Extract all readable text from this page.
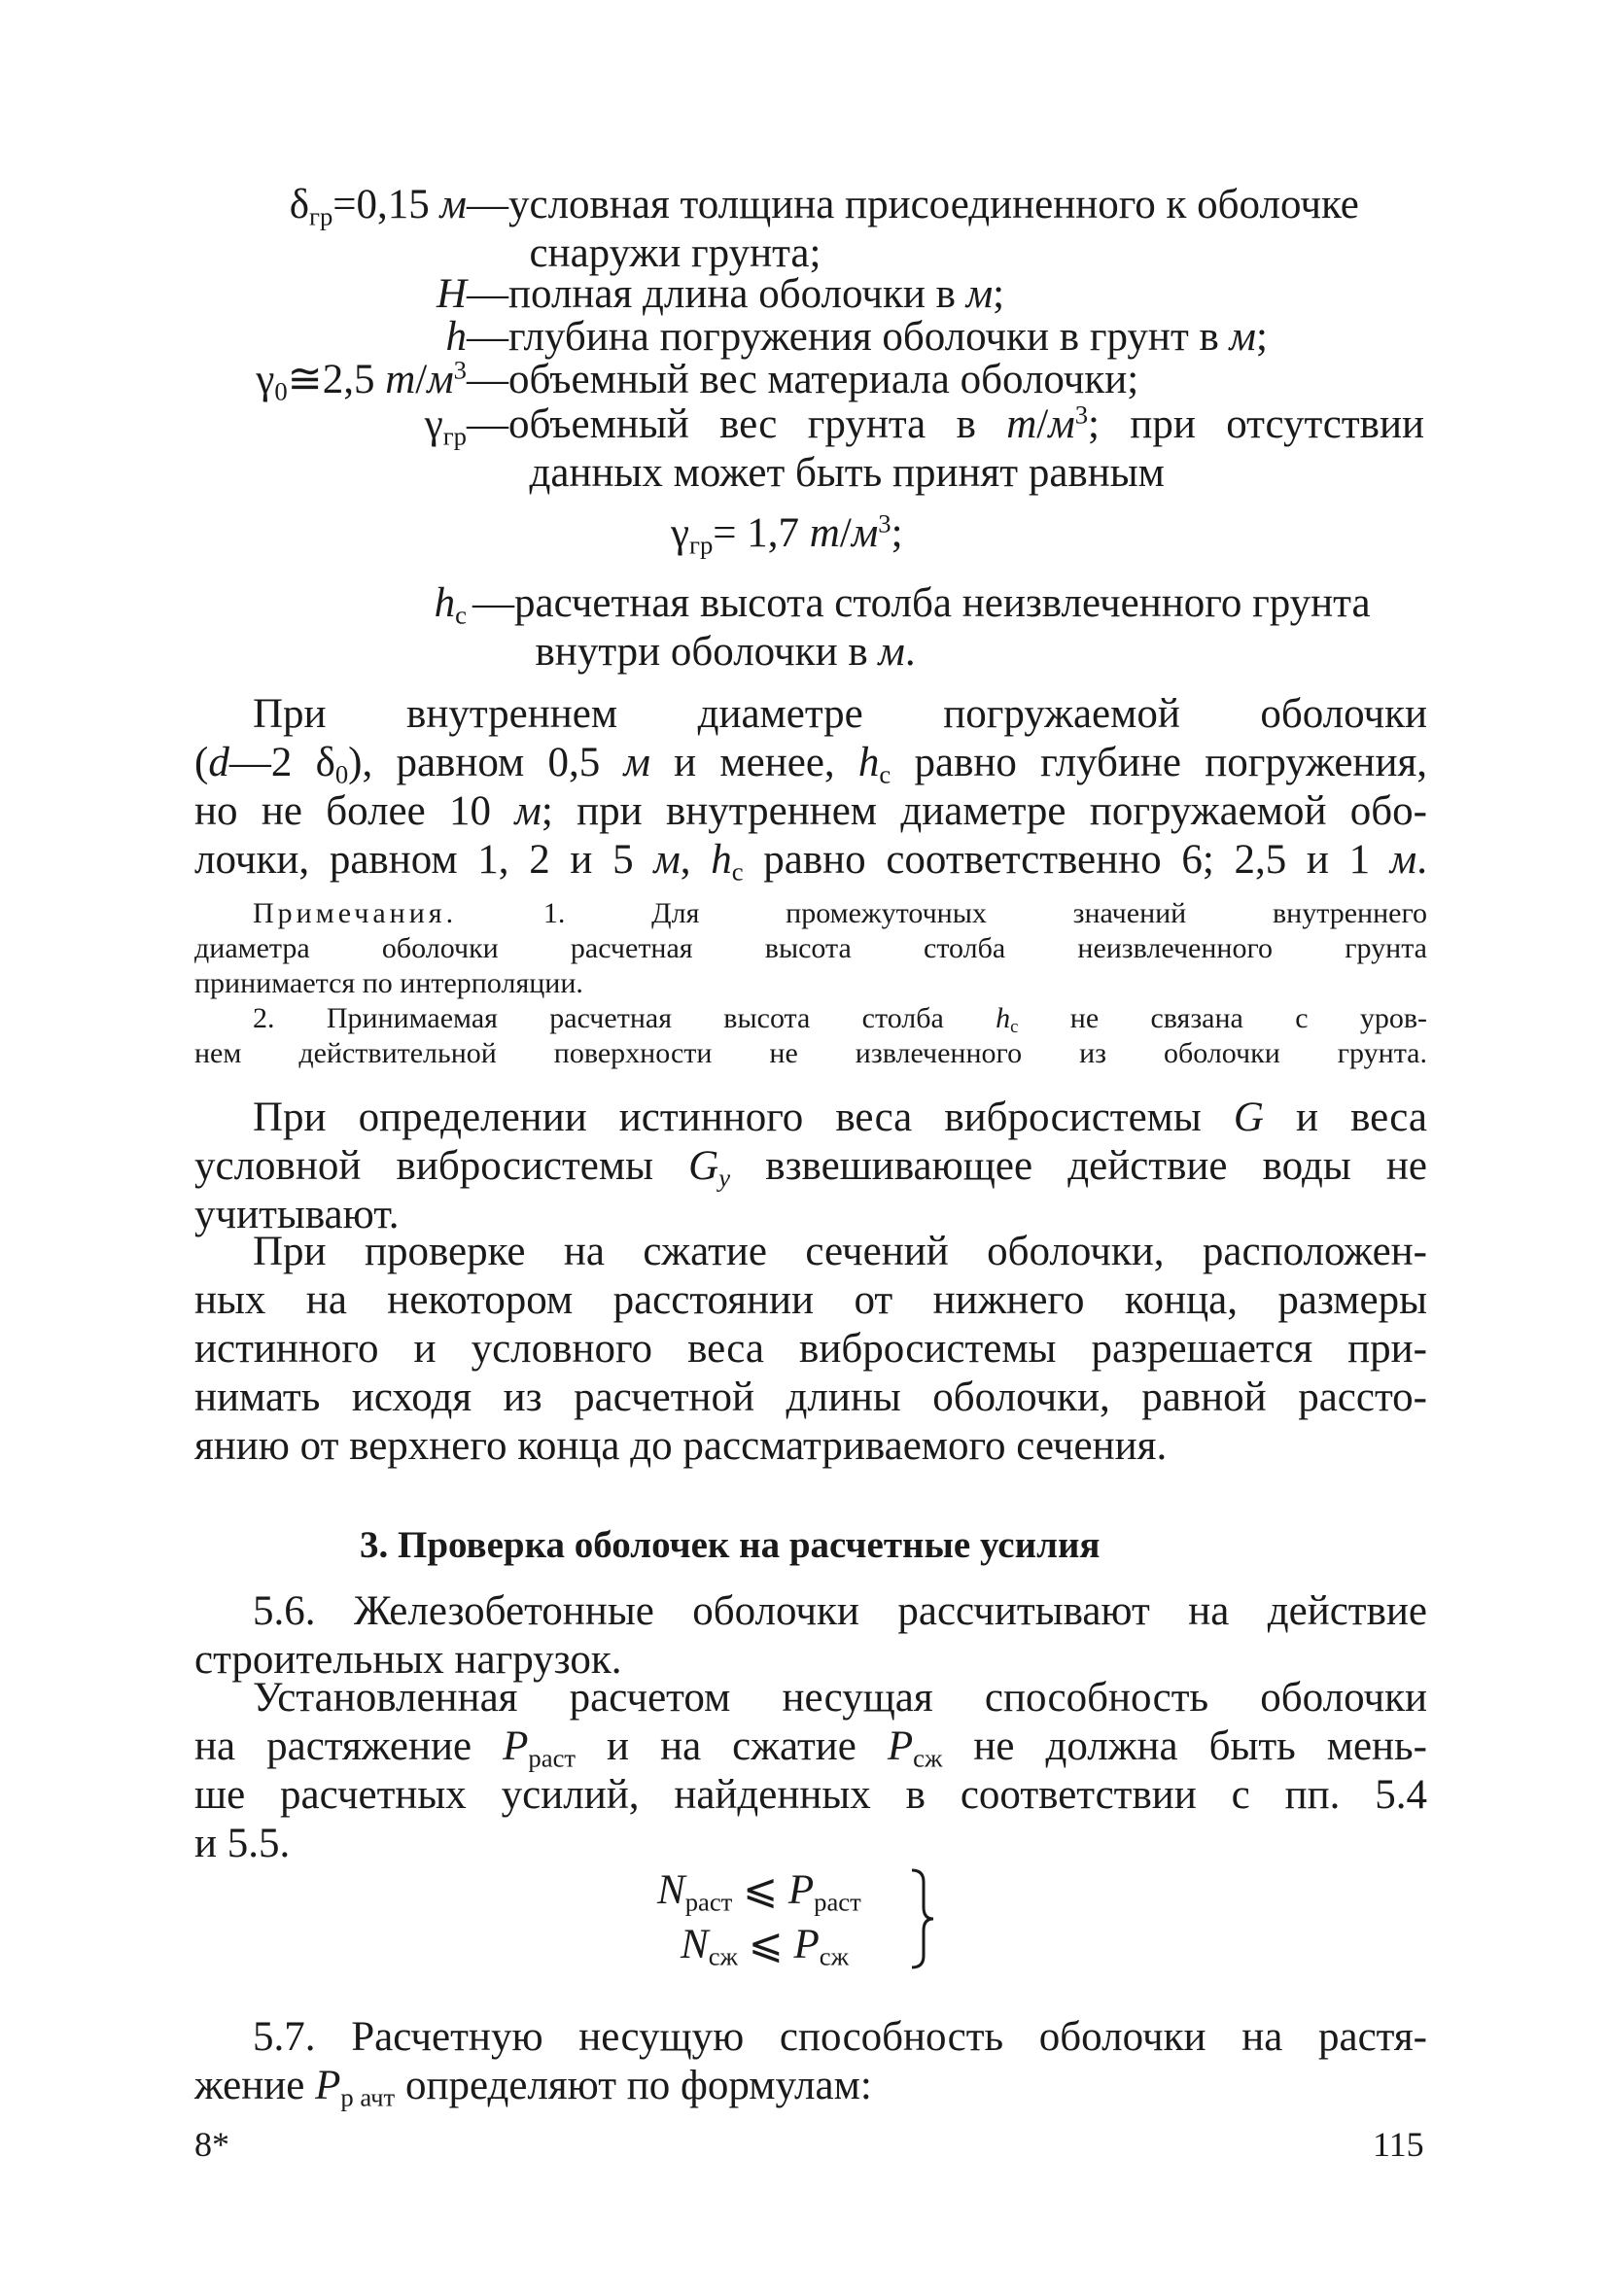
$\delta_{гр}=0,15$ м —условная толщина присоединенного к оболочке
снаружи грунта;
H —полная длина оболочки в м;
h —глубина погружения оболочки в грунт в м;
$\gamma_0≅2,5$ $т/м^3$ —объемный вес материала оболочки;
$\gamma_{гр}$ —объемный вес грунта в $т/м^3$; при отсутствии
данных может быть принят равным
$\gamma_{гр}= 1,7$ $т/м^3$;
$h_c$ —расчетная высота столба неизвлеченного грунта
внутри оболочки в м.
При внутреннем диаметре погружаемой оболочки
(d—2 $\delta_0$), равном 0,5 м и менее, $h_c$ равно глубине погружения,
но не более 10 м; при внутреннем диаметре погружаемой обо-
лочки, равном 1, 2 и 5 м, $h_c$ равно соответственно 6; 2,5 и 1 м.
Примечания. 1. Для промежуточных значений внутреннего
диаметра оболочки расчетная высота столба неизвлеченного грунта
принимается по интерполяции.
2. Принимаемая расчетная высота столба $h_c$ не связана с уров-
нем действительной поверхности не извлеченного из оболочки грунта.
При определении истинного веса вибросистемы G и веса
условной вибросистемы $G_y$ взвешивающее действие воды не
учитывают.
При проверке на сжатие сечений оболочки, расположен-
ных на некотором расстоянии от нижнего конца, размеры
истинного и условного веса вибросистемы разрешается при-
нимать исходя из расчетной длины оболочки, равной рассто-
янию от верхнего конца до рассматриваемого сечения.
3. Проверка оболочек на расчетные усилия
5.6. Железобетонные оболочки рассчитывают на действие
строительных нагрузок.
Установленная расчетом несущая способность оболочки
на растяжение $P_{раст}$ и на сжатие $P_{сж}$ не должна быть мень-
ше расчетных усилий, найденных в соответствии с пп. 5.4
и 5.5.
$N_{раст}$ ⩽ $P_{раст}$
$N_{сж}$ ⩽ $P_{сж}$
5.7. Расчетную несущую способность оболочки на растя-
жение $P_{р ачт}$ определяют по формулам:
8*	115
